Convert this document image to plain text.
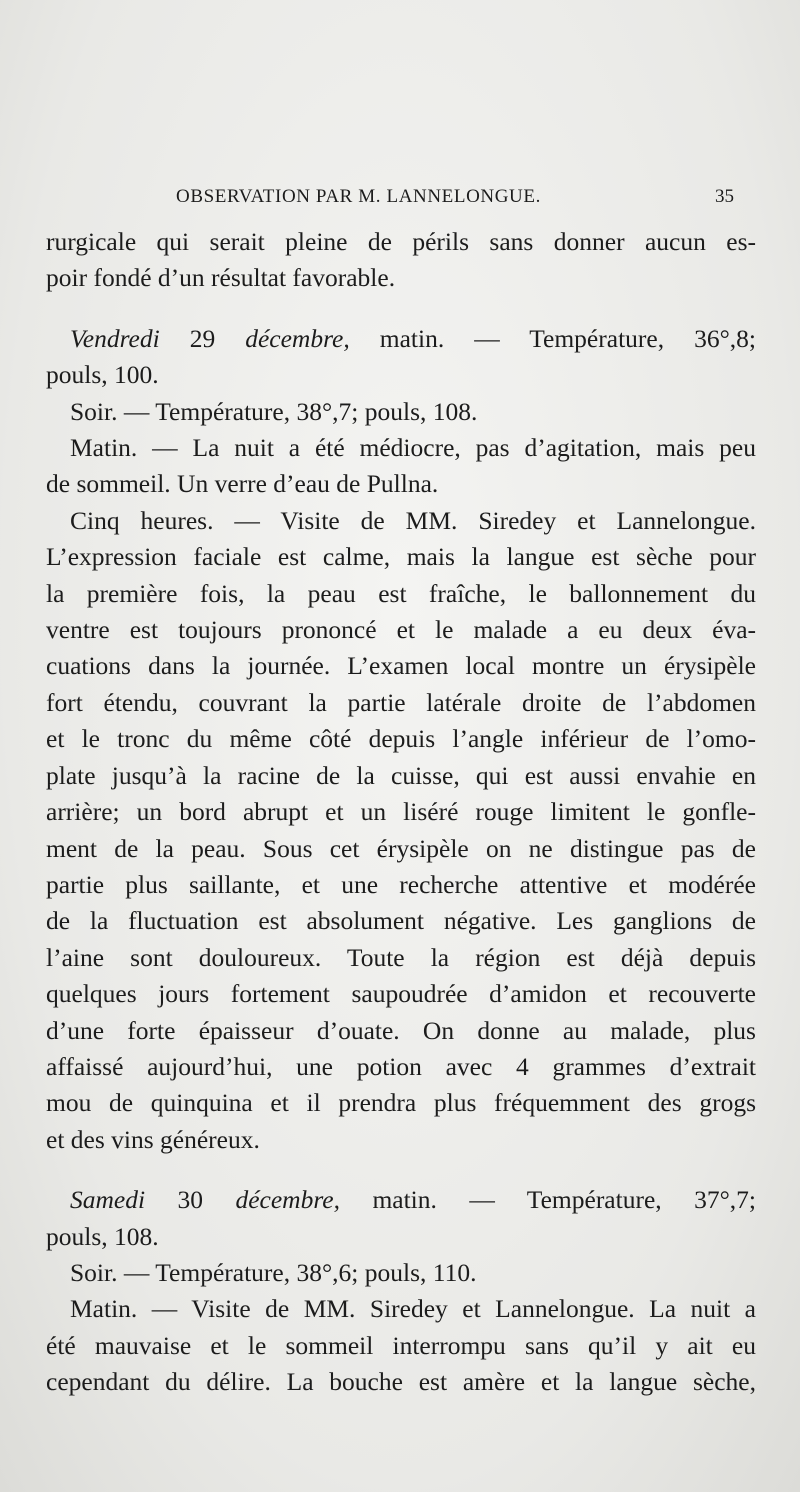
OBSERVATION PAR M. LANNELONGUE.	35
rurgicale qui serait pleine de périls sans donner aucun es-
poir fondé d’un résultat favorable.
Vendredi 29 décembre, matin. — Température, 36°,8;
pouls, 100.
Soir. — Température, 38°,7; pouls, 108.
Matin. — La nuit a été médiocre, pas d’agitation, mais peu
de sommeil. Un verre d’eau de Pullna.
Cinq heures. — Visite de MM. Siredey et Lannelongue.
L’expression faciale est calme, mais la langue est sèche pour
la première fois, la peau est fraîche, le ballonnement du
ventre est toujours prononcé et le malade a eu deux éva-
cuations dans la journée. L’examen local montre un érysipèle
fort étendu, couvrant la partie latérale droite de l’abdomen
et le tronc du même côté depuis l’angle inférieur de l’omo-
plate jusqu’à la racine de la cuisse, qui est aussi envahie en
arrière; un bord abrupt et un liséré rouge limitent le gonfle-
ment de la peau. Sous cet érysipèle on ne distingue pas de
partie plus saillante, et une recherche attentive et modérée
de la fluctuation est absolument négative. Les ganglions de
l’aine sont douloureux. Toute la région est déjà depuis
quelques jours fortement saupoudrée d’amidon et recouverte
d’une forte épaisseur d’ouate. On donne au malade, plus
affaissé aujourd’hui, une potion avec 4 grammes d’extrait
mou de quinquina et il prendra plus fréquemment des grogs
et des vins généreux.
Samedi 30 décembre, matin. — Température, 37°,7;
pouls, 108.
Soir. — Température, 38°,6; pouls, 110.
Matin. — Visite de MM. Siredey et Lannelongue. La nuit a
été mauvaise et le sommeil interrompu sans qu’il y ait eu
cependant du délire. La bouche est amère et la langue sèche,
